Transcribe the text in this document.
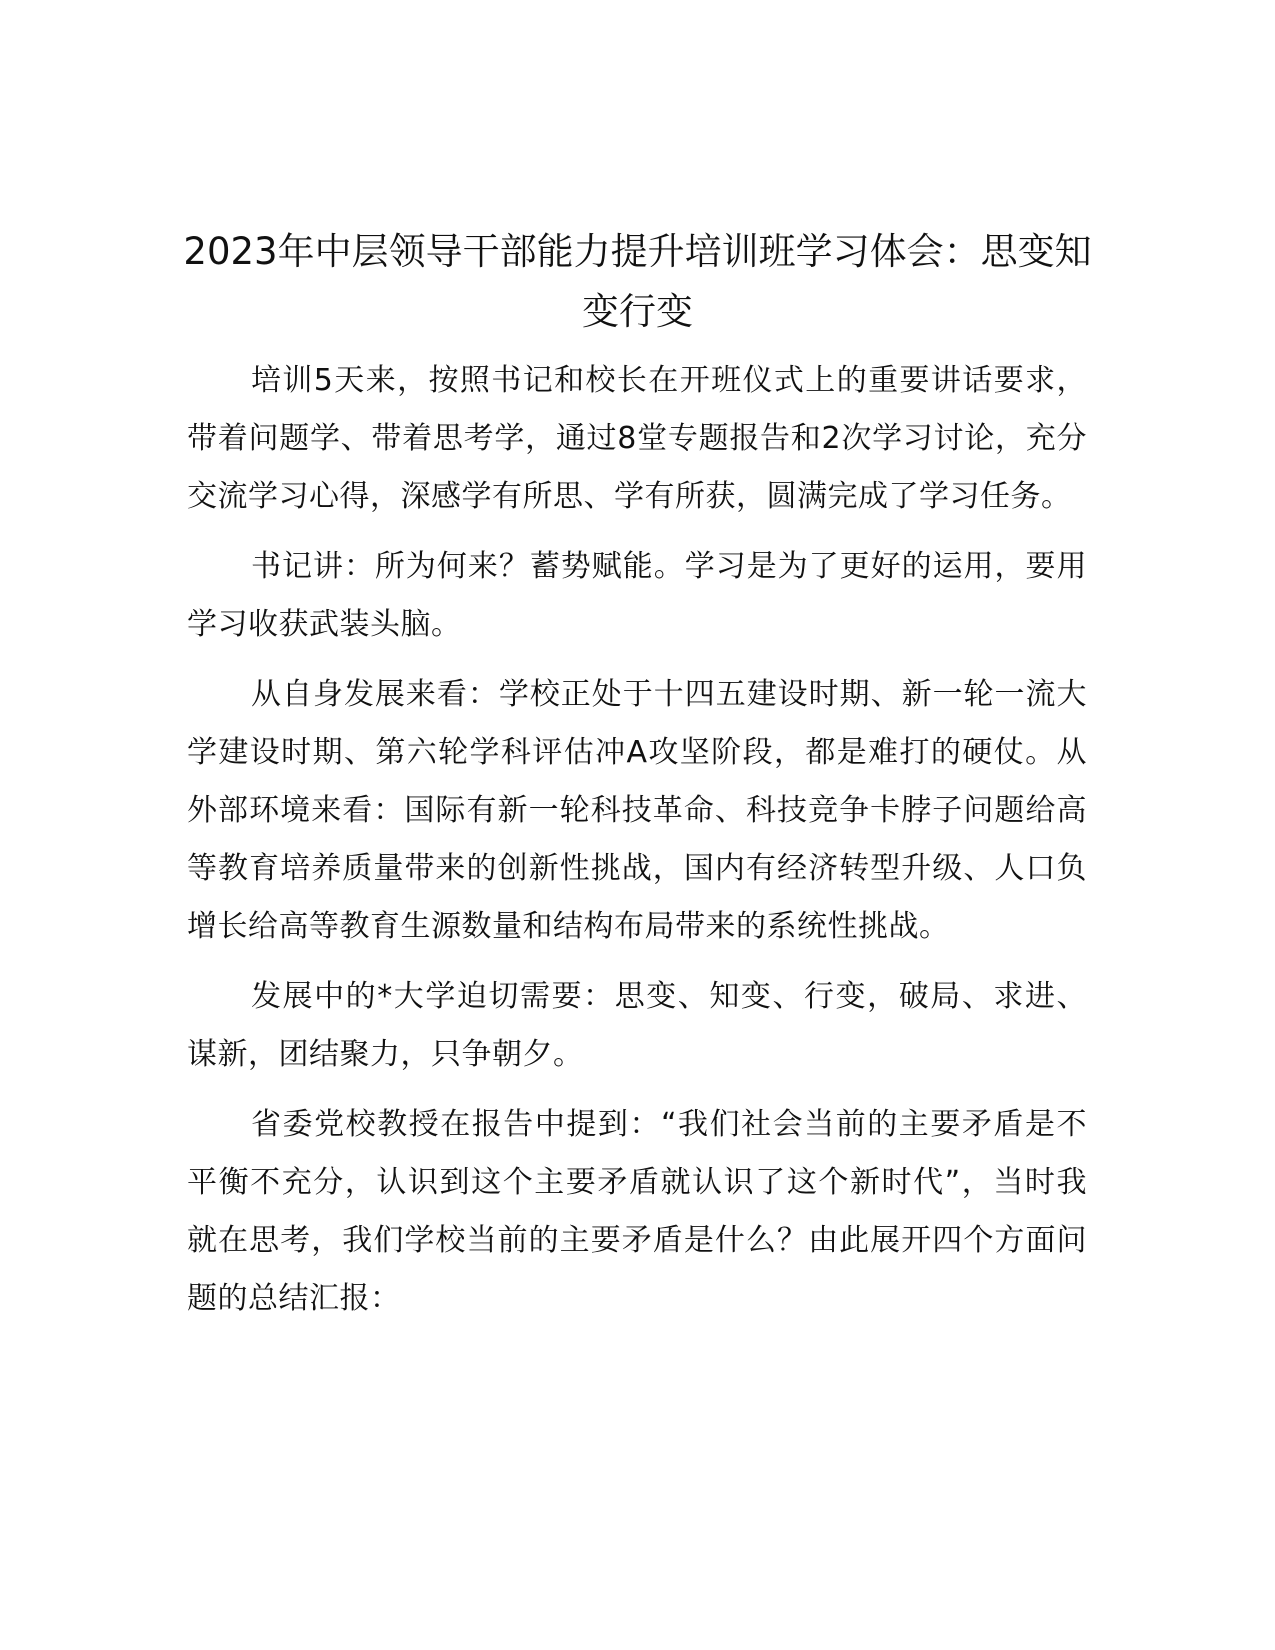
2023年中层领导干部能力提升培训班学习体会：思变知变行变

培训5天来，按照书记和校长在开班仪式上的重要讲话要求，带着问题学、带着思考学，通过8堂专题报告和2次学习讨论，充分交流学习心得，深感学有所思、学有所获，圆满完成了学习任务。

书记讲：所为何来？蓄势赋能。学习是为了更好的运用，要用学习收获武装头脑。

从自身发展来看：学校正处于十四五建设时期、新一轮一流大学建设时期、第六轮学科评估冲A攻坚阶段，都是难打的硬仗。从外部环境来看：国际有新一轮科技革命、科技竞争卡脖子问题给高等教育培养质量带来的创新性挑战，国内有经济转型升级、人口负增长给高等教育生源数量和结构布局带来的系统性挑战。

发展中的*大学迫切需要：思变、知变、行变，破局、求进、谋新，团结聚力，只争朝夕。

省委党校教授在报告中提到：“我们社会当前的主要矛盾是不平衡不充分，认识到这个主要矛盾就认识了这个新时代”，当时我就在思考，我们学校当前的主要矛盾是什么？由此展开四个方面问题的总结汇报：
